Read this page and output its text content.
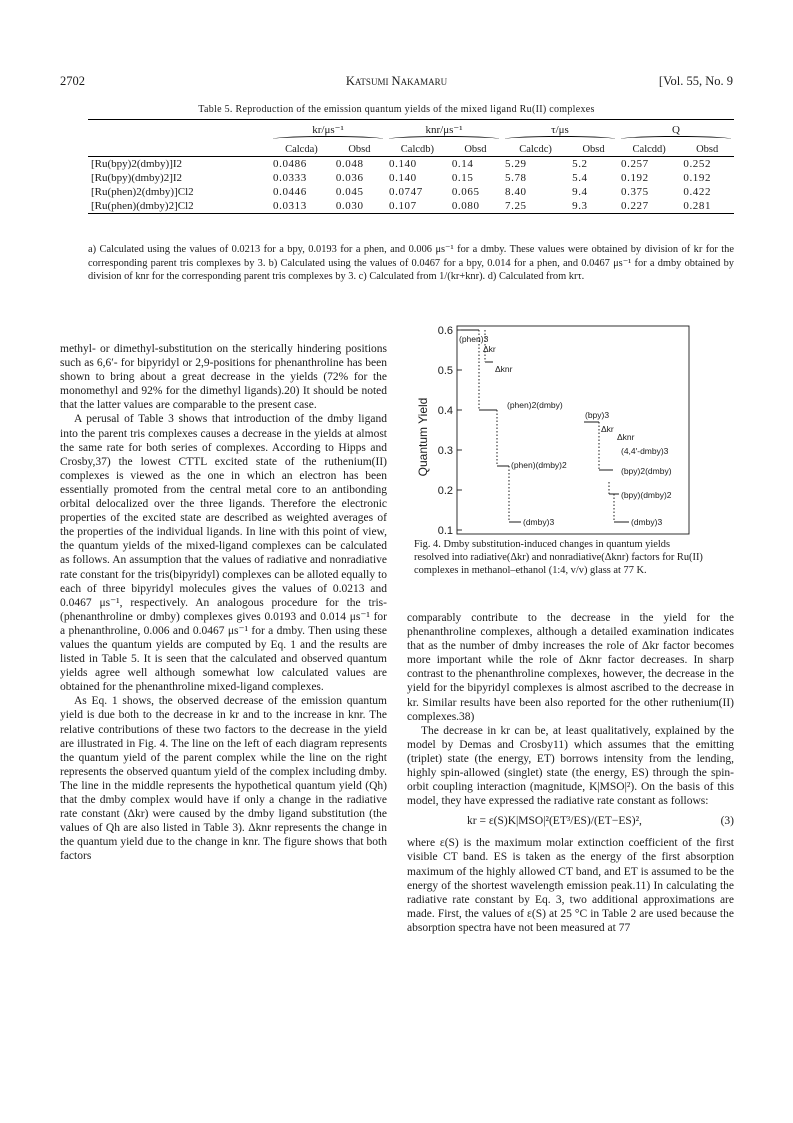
2702	Katsumi Nakamaru	[Vol. 55, No. 9
Table 5. Reproduction of the emission quantum yields of the mixed ligand Ru(II) complexes
	kr/μs⁻¹		knr/μs⁻¹		τ/μs		Q	

	Calcda)	Obsd	Calcdb)	Obsd	Calcdc)	Obsd	Calcdd)	Obsd
[Ru(bpy)2(dmby)]I2	0.0486	0.048	0.140	0.14	5.29	5.2	0.257	0.252
[Ru(bpy)(dmby)2]I2	0.0333	0.036	0.140	0.15	5.78	5.4	0.192	0.192
[Ru(phen)2(dmby)]Cl2	0.0446	0.045	0.0747	0.065	8.40	9.4	0.375	0.422
[Ru(phen)(dmby)2]Cl2	0.0313	0.030	0.107	0.080	7.25	9.3	0.227	0.281
a) Calculated using the values of 0.0213 for a bpy, 0.0193 for a phen, and 0.006 μs⁻¹ for a dmby. These values were obtained by division of kr for the corresponding parent tris complexes by 3. b) Calculated using the values of 0.0467 for a bpy, 0.014 for a phen, and 0.0467 μs⁻¹ for a dmby obtained by division of knr for the corresponding parent tris complexes by 3. c) Calculated from 1/(kr+knr). d) Calculated from krτ.

methyl- or dimethyl-substitution on the sterically hindering positions such as 6,6′- for bipyridyl or 2,9-positions for phenanthroline has been shown to bring about a great decrease in the yields (72% for the monomethyl and 92% for the dimethyl ligands).20) It should be noted that the latter values are comparable to the present case.

A perusal of Table 3 shows that introduction of the dmby ligand into the parent tris complexes causes a decrease in the yields at almost the same rate for both series of complexes. According to Hipps and Crosby,37) the lowest CTTL excited state of the ruthenium(II) complexes is viewed as the one in which an electron has been essentially promoted from the central metal core to an antibonding orbital delocalized over the three ligands. Therefore the electronic properties of the excited state are described as weighted averages of the properties of the individual ligands. In line with this point of view, the quantum yields of the mixed-ligand complexes can be calculated as follows. An assumption that the values of radiative and nonradiative rate constant for the tris(bipyridyl) complexes can be alloted equally to each of three bipyridyl molecules gives the values of 0.0213 and 0.0467 μs⁻¹, respectively. An analogous procedure for the tris-(phenanthroline or dmby) complexes gives 0.0193 and 0.014 μs⁻¹ for a phenanthroline, 0.006 and 0.0467 μs⁻¹ for a dmby. Then using these values the quantum yields are computed by Eq. 1 and the results are listed in Table 5. It is seen that the calculated and observed quantum yields agree well although somewhat low calculated values are obtained for the phenanthroline mixed-ligand complexes.

As Eq. 1 shows, the observed decrease of the emission quantum yield is due both to the decrease in kr and to the increase in knr. The relative contributions of these two factors to the decrease in the yield are illustrated in Fig. 4. The line on the left of each diagram represents the quantum yield of the parent complex while the line on the right represents the observed quantum yield of the complex including dmby. The line in the middle represents the hypothetical quantum yield (Qh) that the dmby complex would have if only a change in the radiative rate constant (Δkr) were caused by the dmby ligand substitution (the values of Qh are also listed in Table 3). Δknr represents the change in the quantum yield due to the change in knr. The figure shows that both factors

Quantum Yield
0.1
0.2
0.3
0.4
0.5
0.6
(phen)3
Δkr
Δknr
(phen)2(dmby)
(phen)(dmby)2
(dmby)3
(bpy)3
Δkr
Δknr
(4,4′-dmby)3
(bpy)2(dmby)
(bpy)(dmby)2
(dmby)3
Fig. 4. Dmby substitution-induced changes in quantum yields resolved into radiative(Δkr) and nonradiative(Δknr) factors for Ru(II) complexes in methanol–ethanol (1:4, v/v) glass at 77 K.

comparably contribute to the decrease in the yield for the phenanthroline complexes, although a detailed examination indicates that as the number of dmby increases the role of Δkr factor becomes more important while the role of Δknr factor decreases. In sharp contrast to the phenanthroline complexes, however, the decrease in the yield for the bipyridyl complexes is almost ascribed to the decrease in kr. Similar results have been also reported for the other ruthenium(II) complexes.38)

The decrease in kr can be, at least qualitatively, explained by the model by Demas and Crosby11) which assumes that the emitting (triplet) state (the energy, ET) borrows intensity from the lending, highly spin-allowed (singlet) state (the energy, ES) through the spin-orbit coupling interaction (magnitude, K|MSO|²). On the basis of this model, they have expressed the radiative rate constant as follows:

kr = ε(S)K|MSO|²(ET³/ES)/(ET−ES)²,	(3)

where ε(S) is the maximum molar extinction coefficient of the first visible CT band. ES is taken as the energy of the first absorption maximum of the highly allowed CT band, and ET is assumed to be the energy of the shortest wavelength emission peak.11) In calculating the radiative rate constant by Eq. 3, two additional approximations are made. First, the values of ε(S) at 25 °C in Table 2 are used because the absorption spectra have not been measured at 77
